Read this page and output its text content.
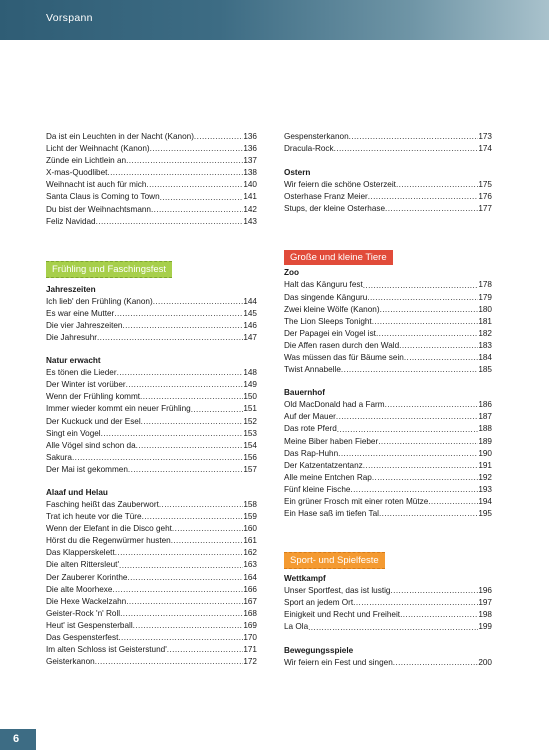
Vorspann
Da ist ein Leuchten in der Nacht (Kanon) .....	136
Licht der Weihnacht (Kanon) .....	136
Zünde ein Lichtlein an .....	137
X-mas-Quodlibet .....	138
Weihnacht ist auch für mich .....	140
Santa Claus is Coming to Town .....	141
Du bist der Weihnachtsmann .....	142
Feliz Navidad .....	143
Frühling und Faschingsfest
Jahreszeiten
Ich lieb' den Frühling (Kanon) .....	144
Es war eine Mutter .....	145
Die vier Jahreszeiten .....	146
Die Jahresuhr .....	147
Natur erwacht
Es tönen die Lieder .....	148
Der Winter ist vorüber .....	149
Wenn der Frühling kommt .....	150
Immer wieder kommt ein neuer Frühling .....	151
Der Kuckuck und der Esel .....	152
Singt ein Vogel .....	153
Alle Vögel sind schon da .....	154
Sakura .....	156
Der Mai ist gekommen .....	157
Alaaf und Helau
Fasching heißt das Zauberwort .....	158
Trat ich heute vor die Türe .....	159
Wenn der Elefant in die Disco geht .....	160
Hörst du die Regenwürmer husten .....	161
Das Klapperskelett .....	162
Die alten Rittersleut' .....	163
Der Zauberer Korinthe .....	164
Die alte Moorhexe .....	166
Die Hexe Wackelzahn .....	167
Geister-Rock 'n' Roll .....	168
Heut' ist Gespensterball .....	169
Das Gespensterfest .....	170
Im alten Schloss ist Geisterstund' .....	171
Geisterkanon .....	172
Gespensterkanon .....	173
Dracula-Rock .....	174
Ostern
Wir feiern die schöne Osterzeit .....	175
Osterhase Franz Meier .....	176
Stups, der kleine Osterhase .....	177
Große und kleine Tiere
Zoo
Halt das Känguru fest .....	178
Das singende Känguru .....	179
Zwei kleine Wölfe (Kanon) .....	180
The Lion Sleeps Tonight .....	181
Der Papagei ein Vogel ist .....	182
Die Affen rasen durch den Wald .....	183
Was müssen das für Bäume sein .....	184
Twist Annabelle .....	185
Bauernhof
Old MacDonald had a Farm .....	186
Auf der Mauer .....	187
Das rote Pferd .....	188
Meine Biber haben Fieber .....	189
Das Rap-Huhn .....	190
Der Katzentatzentanz .....	191
Alle meine Entchen Rap .....	192
Fünf kleine Fische .....	193
Ein grüner Frosch mit einer roten Mütze .....	194
Ein Hase saß im tiefen Tal .....	195
Sport- und Spielfeste
Wettkampf
Unser Sportfest, das ist lustig .....	196
Sport an jedem Ort .....	197
Einigkeit und Recht und Freiheit .....	198
La Ola .....	199
Bewegungsspiele
Wir feiern ein Fest und singen .....	200
6
